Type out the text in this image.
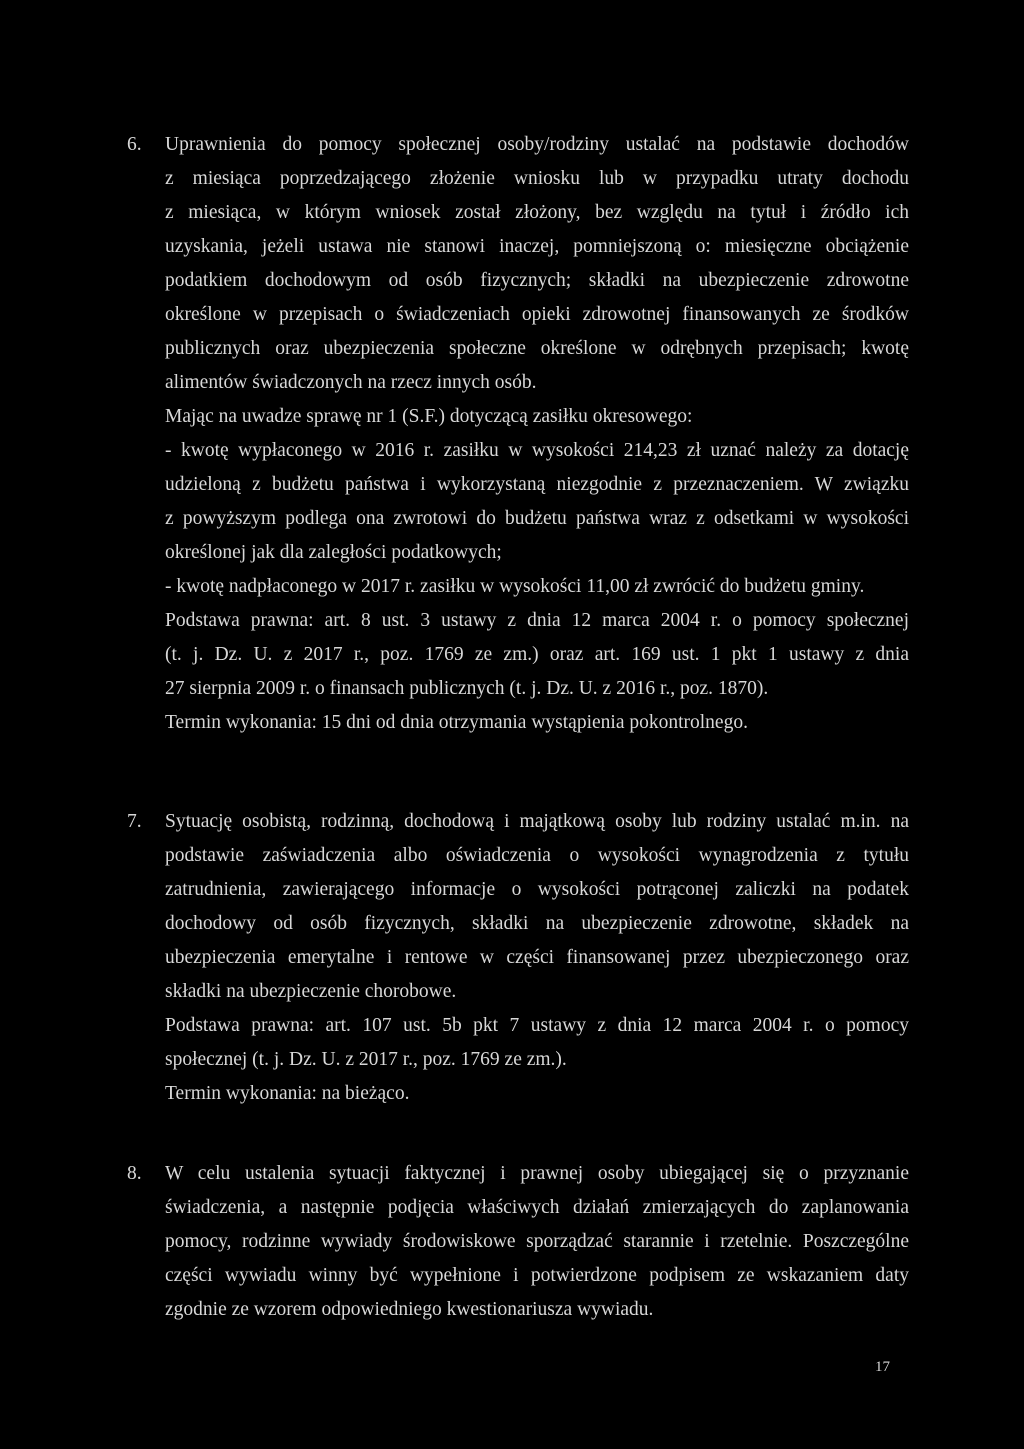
6. Uprawnienia do pomocy społecznej osoby/rodziny ustalać na podstawie dochodów
z miesiąca poprzedzającego złożenie wniosku lub w przypadku utraty dochodu
z miesiąca, w którym wniosek został złożony, bez względu na tytuł i źródło ich
uzyskania, jeżeli ustawa nie stanowi inaczej, pomniejszoną o: miesięczne obciążenie
podatkiem dochodowym od osób fizycznych; składki na ubezpieczenie zdrowotne
określone w przepisach o świadczeniach opieki zdrowotnej finansowanych ze środków
publicznych oraz ubezpieczenia społeczne określone w odrębnych przepisach; kwotę
alimentów świadczonych na rzecz innych osób.
Mając na uwadze sprawę nr 1 (S.F.) dotyczącą zasiłku okresowego:
- kwotę wypłaconego w 2016 r. zasiłku w wysokości 214,23 zł uznać należy za dotację
udzieloną z budżetu państwa i wykorzystaną niezgodnie z przeznaczeniem. W związku
z powyższym podlega ona zwrotowi do budżetu państwa wraz z odsetkami w wysokości
określonej jak dla zaległości podatkowych;
- kwotę nadpłaconego w 2017 r. zasiłku w wysokości 11,00 zł zwrócić do budżetu gminy.
Podstawa prawna: art. 8 ust. 3 ustawy z dnia 12 marca 2004 r. o pomocy społecznej
(t. j. Dz. U. z 2017 r., poz. 1769 ze zm.) oraz art. 169 ust. 1 pkt 1 ustawy z dnia
27 sierpnia 2009 r. o finansach publicznych (t. j. Dz. U. z 2016 r., poz. 1870).
Termin wykonania: 15 dni od dnia otrzymania wystąpienia pokontrolnego.
7. Sytuację osobistą, rodzinną, dochodową i majątkową osoby lub rodziny ustalać m.in. na
podstawie zaświadczenia albo oświadczenia o wysokości wynagrodzenia z tytułu
zatrudnienia, zawierającego informacje o wysokości potrąconej zaliczki na podatek
dochodowy od osób fizycznych, składki na ubezpieczenie zdrowotne, składek na
ubezpieczenia emerytalne i rentowe w części finansowanej przez ubezpieczonego oraz
składki na ubezpieczenie chorobowe.
Podstawa prawna: art. 107 ust. 5b pkt 7 ustawy z dnia 12 marca 2004 r. o pomocy
społecznej (t. j. Dz. U. z 2017 r., poz. 1769 ze zm.).
Termin wykonania: na bieżąco.
8. W celu ustalenia sytuacji faktycznej i prawnej osoby ubiegającej się o przyznanie
świadczenia, a następnie podjęcia właściwych działań zmierzających do zaplanowania
pomocy, rodzinne wywiady środowiskowe sporządzać starannie i rzetelnie. Poszczególne
części wywiadu winny być wypełnione i potwierdzone podpisem ze wskazaniem daty
zgodnie ze wzorem odpowiedniego kwestionariusza wywiadu.
17
